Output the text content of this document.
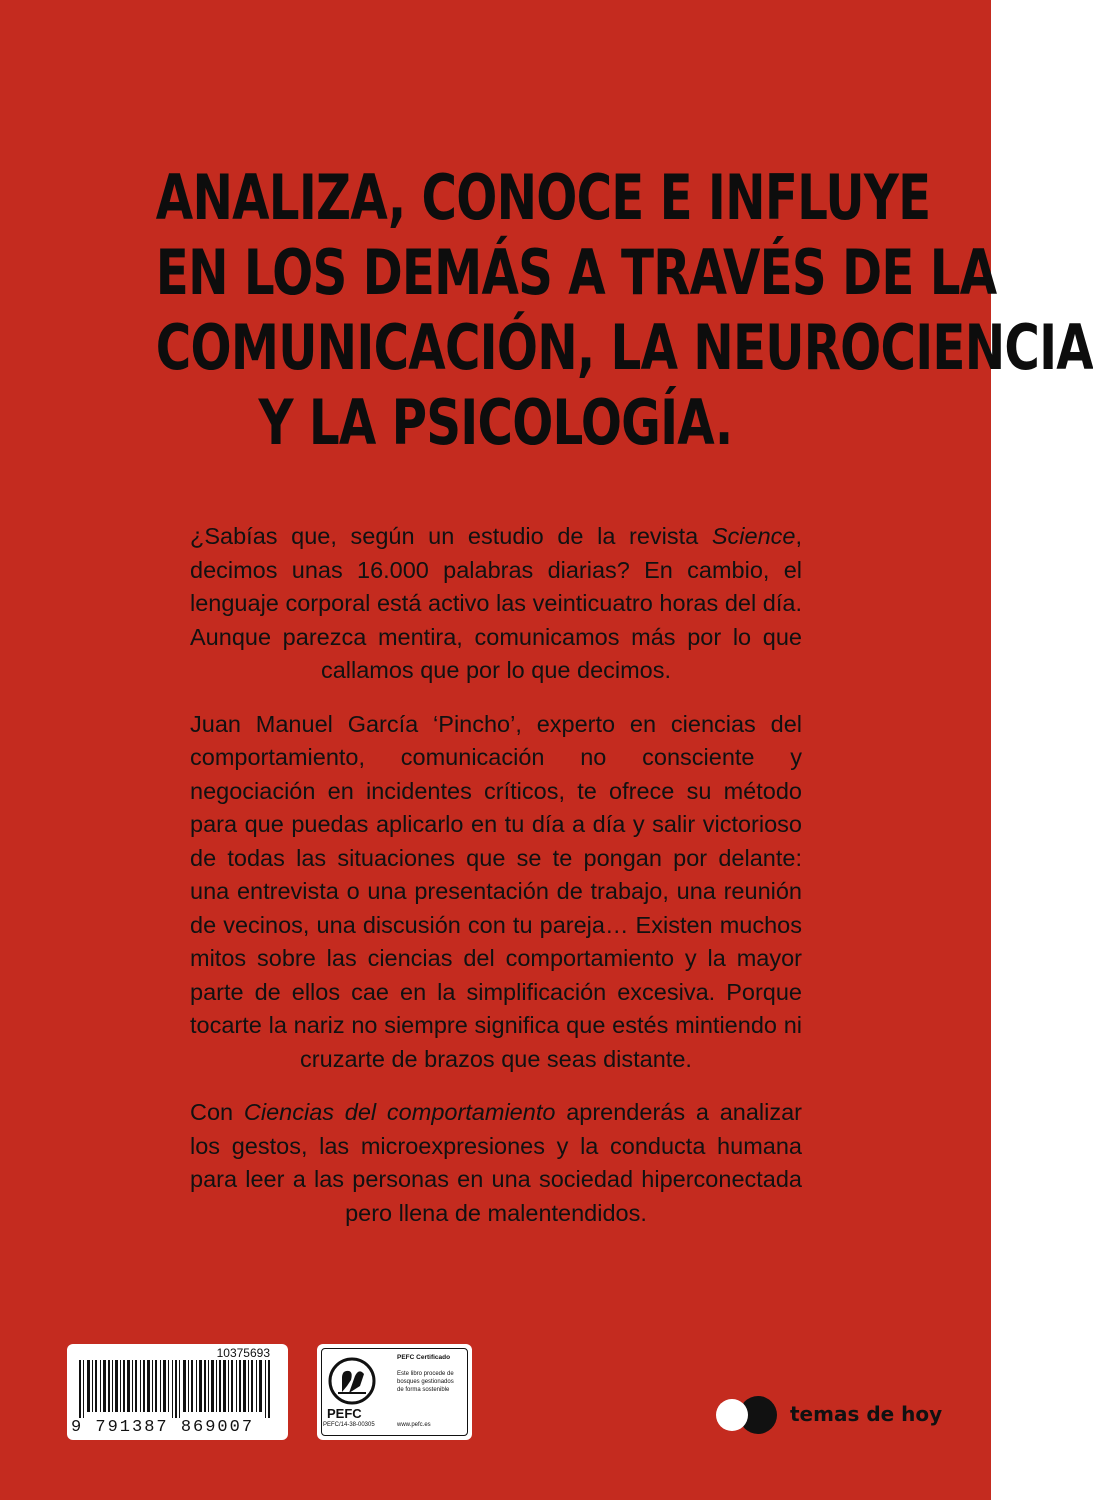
ANALIZA, CONOCE E INFLUYE
EN LOS DEMÁS A TRAVÉS DE LA
COMUNICACIÓN, LA NEUROCIENCIA
Y LA PSICOLOGÍA.

¿Sabías que, según un estudio de la revista Science, decimos unas 16.000 palabras diarias? En cambio, el lenguaje corporal está activo las veinticuatro horas del día. Aunque parezca mentira, comunicamos más por lo que callamos que por lo que decimos.

Juan Manuel García ‘Pincho’, experto en ciencias del comportamiento, comunicación no consciente y negociación en incidentes críticos, te ofrece su método para que puedas aplicarlo en tu día a día y salir victorioso de todas las situaciones que se te pongan por delante: una entrevista o una presentación de trabajo, una reunión de vecinos, una discusión con tu pareja… Existen muchos mitos sobre las ciencias del comportamiento y la mayor parte de ellos cae en la simplificación excesiva. Porque tocarte la nariz no siempre significa que estés mintiendo ni cruzarte de brazos que seas distante.

Con Ciencias del comportamiento aprenderás a analizar los gestos, las microexpresiones y la conducta humana para leer a las personas en una sociedad hiperconectada pero llena de malentendidos.

10375693
9 791387 869007
PEFC
PEFC/14-38-00305
PEFC Certificado
Este libro procede de bosques gestionados de forma sostenible
www.pefc.es	temas de hoy
